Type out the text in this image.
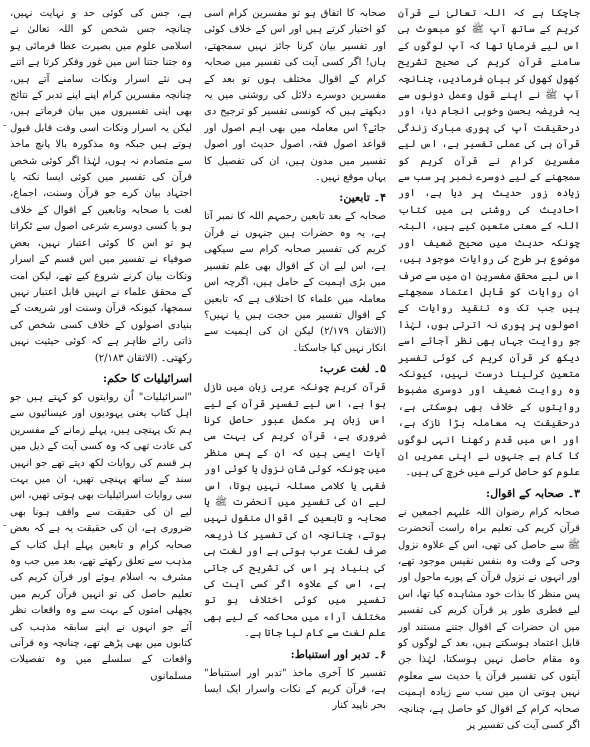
جاچکا ہے کہ اللہ تعالیٰ نے قرآن کریم کے ساتھ آپ ﷺ کو مبعوث ہی اس لیے فرمایا تھا کہ آپ لوگوں کے سامنے قرآن کریم کی صحیح تشریح کھول کھول کر بیان فرمادیں، چنانچہ آپ ﷺ نے اپنے قول وعمل دونوں سے یہ فریضہ بحسن وخوبی انجام دیا، اور درحقیقت آپ کی پوری مبارک زندگی قرآن ہی کی عملی تفسیر ہے، اس لیے مفسرین کرام نے قرآن کریم کو سمجھنے کے لیے دوسرے نمبر پر سب سے زیادہ زور حدیث پر دیا ہے، اور احادیث کی روشنی ہی میں کتاب اللہ کے معنی متعین کیے ہیں، البتہ چونکہ حدیث میں صحیح ضعیف اور موضوع ہر طرح کی روایات موجود ہیں، اس لیے محقق مفسرین ان میں سے صرف ان روایات کو قابل اعتماد سمجھتے ہیں جب تک وہ تنقید روایات کے اصولوں پر پوری نہ اترتی ہوں، لہٰذا جو روایت جہاں بھی نظر آجائے اسے دیکھ کر قرآن کریم کی کوئی تفسیر متعین کرلینا درست نہیں، کیونکہ وہ روایت ضعیف اور دوسری مضبوط روایتوں کے خلاف بھی ہوسکتی ہے، درحقیقت یہ معاملہ بڑا نازک ہے، اور اس میں قدم رکھنا انہی لوگوں کا کام ہے جنہوں نے اپنی عمریں ان علوم کو حاصل کرنے میں خرچ کی ہیں۔

۳۔ صحابہ کے اقوال:

صحابہ کرام رضوان اللہ علیہم اجمعین نے قرآن کریم کی تعلیم براہ راست آنحضرت ﷺ سے حاصل کی تھی، اس کے علاوہ نزول وحی کے وقت وہ بنفس نفیس موجود تھے، اور انہوں نے نزول قرآن کے پورے ماحول اور پس منظر کا بذات خود مشاہدہ کیا تھا، اس لیے فطری طور پر قرآن کریم کی تفسیر میں ان حضرات کے اقوال جتنے مستند اور قابل اعتماد ہوسکتے ہیں، بعد کے لوگوں کو وہ مقام حاصل نہیں ہوسکتا، لہٰذا جن آیتوں کی تفسیر قرآن یا حدیث سے معلوم نہیں ہوتی ان میں سب سے زیادہ اہمیت صحابہ کرام کے اقوال کو حاصل ہے، چنانچہ اگر کسی آیت کی تفسیر پر

صحابہ کا اتفاق ہو تو مفسرین کرام اسی کو اختیار کرتے ہیں اور اس کے خلاف کوئی اور تفسیر بیان کرنا جائز نہیں سمجھتے، ہاں! اگر کسی آیت کی تفسیر میں صحابہ کرام کے اقوال مختلف ہوں تو بعد کے مفسرین دوسرے دلائل کی روشنی میں یہ دیکھتے ہیں کہ کونسی تفسیر کو ترجیح دی جائے؟ اس معاملہ میں بھی اہم اصول اور قواعد اصول فقہ، اصول حدیث اور اصول تفسیر میں مدون ہیں، ان کی تفصیل کا یہاں موقع نہیں۔

۴۔ تابعین:

صحابہ کے بعد تابعین رحمہم اللہ کا نمبر آتا ہے، یہ وہ حضرات ہیں جنہوں نے قرآن کریم کی تفسیر صحابہ کرام سے سیکھی ہے، اس لیے ان کے اقوال بھی علم تفسیر میں بڑی اہمیت کے حامل ہیں، اگرچہ اس معاملہ میں علماء کا اختلاف ہے کہ تابعین کے اقوال تفسیر میں حجت ہیں یا نہیں؟ (الاتقان ۲/۱۷۹) لیکن ان کی اہمیت سے انکار نہیں کیا جاسکتا۔

۵۔ لغت عرب:

قرآن کریم چونکہ عربی زبان میں نازل ہوا ہے، اس لیے تفسیر قرآن کے لیے اس زبان پر مکمل عبور حاصل کرنا ضروری ہے، قرآن کریم کی بہت سی آیات ایسی ہیں کہ ان کے پس منظر میں چونکہ کوئی شان نزول یا کوئی اور فقہی یا کلامی مسئلہ نہیں ہوتا، اس لیے ان کی تفسیر میں آنحضرت ﷺ یا صحابہ و تابعین کے اقوال منقول نہیں ہوتے، چنانچہ ان کی تفسیر کا ذریعہ صرف لغت عرب ہوتی ہے اور لغت ہی کی بنیاد پر اس کی تشریح کی جاتی ہے، اس کے علاوہ اگر کسی آیت کی تفسیر میں کوئی اختلاف ہو تو مختلف آراء میں محاکمہ کے لیے بھی علم لغت سے کام لیا جاتا ہے۔

۶۔ تدبر اور استنباط:

تفسیر کا آخری ماخذ "تدبر اور استنباط" ہے، قرآن کریم کے نکات واسرار ایک ایسا بحر ناپید کنار

ہے، جس کی کوئی حد و نہایت نہیں، چنانچہ جس شخص کو اللہ تعالیٰ نے اسلامی علوم میں بصیرت عطا فرمائی ہو وہ جتنا جتنا اس میں غور وفکر کرتا ہے اتنے ہی نئے اسرار ونکات سامنے آتے ہیں، چنانچہ مفسرین کرام اپنے اپنے تدبر کے نتائج بھی اپنی تفسیروں میں بیان فرماتے ہیں، لیکن یہ اسرار ونکات اسی وقت قابل قبول ہوتے ہیں جبکہ وہ مذکورہ بالا پانچ ماخذ سے متصادم نہ ہوں، لہٰذا اگر کوئی شخص قرآن کی تفسیر میں کوئی ایسا نکتہ یا اجتہاد بیان کرے جو قرآن وسنت، اجماع، لغت یا صحابہ وتابعین کے اقوال کے خلاف ہو یا کسی دوسرے شرعی اصول سے ٹکراتا ہو تو اس کا کوئی اعتبار نہیں، بعض صوفیاء نے تفسیر میں اس قسم کے اسرار ونکات بیان کرنے شروع کیے تھے، لیکن امت کے محقق علماء نے انہیں قابل اعتبار نہیں سمجھا، کیونکہ قرآن وسنت اور شریعت کے بنیادی اصولوں کے خلاف کسی شخص کی ذاتی رائے ظاہر ہے کہ کوئی حیثیت نہیں رکھتی۔ (الاتقان ۲/۱۸۳)

اسرائیلیات کا حکم:

"اسرائیلیات" اُن روایتوں کو کہتے ہیں جو اہل کتاب یعنی یہودیوں اور عیسائیوں سے ہم تک پہنچی ہیں، پہلے زمانے کے مفسرین کی عادت تھی کہ وہ کسی آیت کے ذیل میں ہر قسم کی روایات لکھ دیتے تھے جو انہیں سند کے ساتھ پہنچی تھیں، ان میں بہت سی روایات اسرائیلیات بھی ہوتی تھیں، اس لیے ان کی حقیقت سے واقف ہونا بھی ضروری ہے، ان کی حقیقت یہ ہے کہ بعض صحابہ کرام و تابعین پہلے اہل کتاب کے مذہب سے تعلق رکھتے تھے، بعد میں جب وہ مشرف بہ اسلام ہوئے اور قرآن کریم کی تعلیم حاصل کی تو انہیں قرآن کریم میں پچھلی امتوں کے بہت سے وہ واقعات نظر آئے جو انہوں نے اپنے سابقہ مذہب کی کتابوں میں بھی پڑھے تھے، چنانچہ وہ قرآنی واقعات کے سلسلے میں وہ تفصیلات مسلمانوں

ـ
ـ
